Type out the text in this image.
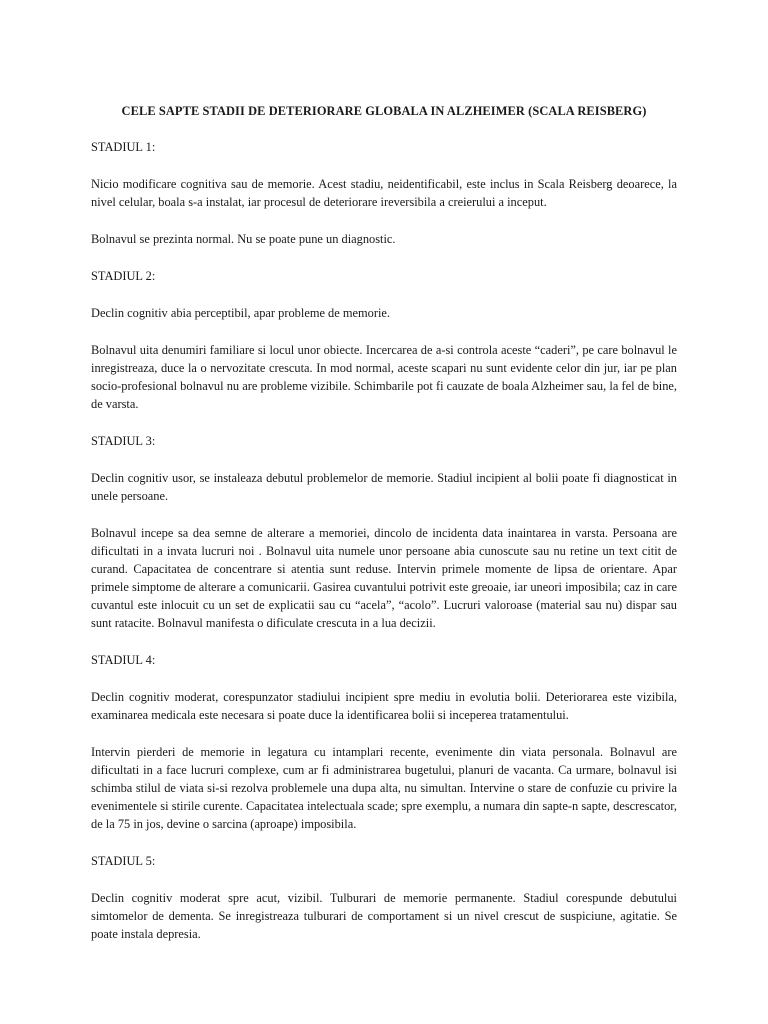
CELE SAPTE STADII DE DETERIORARE GLOBALA IN ALZHEIMER (SCALA REISBERG)
STADIUL 1:
Nicio modificare cognitiva sau de memorie. Acest stadiu, neidentificabil, este inclus in Scala Reisberg deoarece, la nivel celular, boala s-a instalat, iar procesul de deteriorare ireversibila a creierului a inceput.
Bolnavul se prezinta normal. Nu se poate pune un diagnostic.
STADIUL 2:
Declin cognitiv abia perceptibil, apar probleme de memorie.
Bolnavul uita denumiri familiare si locul unor obiecte. Incercarea de a-si controla aceste “caderi”, pe care bolnavul le inregistreaza, duce la o nervozitate crescuta. In mod normal, aceste scapari nu sunt evidente celor din jur, iar pe plan socio-profesional bolnavul nu are probleme vizibile. Schimbarile pot fi cauzate de boala Alzheimer sau, la fel de bine, de varsta.
STADIUL 3:
Declin cognitiv usor, se instaleaza debutul problemelor de memorie. Stadiul incipient al bolii poate fi diagnosticat in unele persoane.
Bolnavul incepe sa dea semne de alterare a memoriei, dincolo de incidenta data inaintarea in varsta. Persoana are dificultati in a invata lucruri noi . Bolnavul uita numele unor persoane abia cunoscute sau nu retine un text citit de curand. Capacitatea de concentrare si atentia sunt reduse. Intervin primele momente de lipsa de orientare. Apar primele simptome de alterare a comunicarii. Gasirea cuvantului potrivit este greoaie, iar uneori imposibila; caz in care cuvantul este inlocuit cu un set de explicatii sau cu “acela”, “acolo”. Lucruri valoroase (material sau nu) dispar sau sunt ratacite. Bolnavul manifesta o dificulate crescuta in a lua decizii.
STADIUL 4:
Declin cognitiv moderat, corespunzator stadiului incipient spre mediu in evolutia bolii. Deteriorarea este vizibila, examinarea medicala este necesara si poate duce la identificarea bolii si inceperea tratamentului.
Intervin pierderi de memorie in legatura cu intamplari recente, evenimente din viata personala. Bolnavul are dificultati in a face lucruri complexe, cum ar fi administrarea bugetului, planuri de vacanta. Ca urmare, bolnavul isi schimba stilul de viata si-si rezolva problemele una dupa alta, nu simultan. Intervine o stare de confuzie cu privire la evenimentele si stirile curente. Capacitatea intelectuala scade; spre exemplu, a numara din sapte-n sapte, descrescator, de la 75 in jos, devine o sarcina (aproape) imposibila.
STADIUL 5:
Declin cognitiv moderat spre acut, vizibil. Tulburari de memorie permanente. Stadiul corespunde debutului simtomelor de dementa. Se inregistreaza tulburari de comportament si un nivel crescut de suspiciune, agitatie. Se poate instala depresia.
